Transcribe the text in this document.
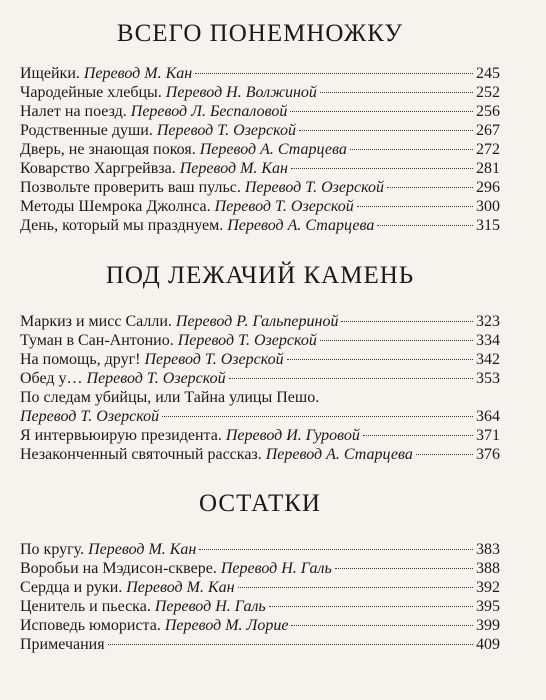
ВСЕГО ПОНЕМНОЖКУ
Ищейки.
Перевод М. Кан	245
Чародейные хлебцы.
Перевод Н. Волжиной	252
Налет на поезд.
Перевод Л. Беспаловой	256
Родственные души.
Перевод Т. Озерской	267
Дверь, не знающая покоя.
Перевод А. Старцева	272
Коварство Харгрейвза.
Перевод М. Кан	281
Позвольте проверить ваш пульс.
Перевод Т. Озерской	296
Методы Шемрока Джолнса.
Перевод Т. Озерской	300
День, который мы празднуем.
Перевод А. Старцева	315
ПОД ЛЕЖАЧИЙ КАМЕНЬ
Маркиз и мисс Салли.
Перевод Р. Гальпериной	323
Туман в Сан-Антонио.
Перевод Т. Озерской	334
На помощь, друг!
Перевод Т. Озерской	342
Обед у…
Перевод Т. Озерской	353
По следам убийцы, или Тайна улицы Пешо.
Перевод Т. Озерской	364
Я интервьюирую президента.
Перевод И. Гуровой	371
Незаконченный святочный рассказ.
Перевод А. Старцева	376
ОСТАТКИ
По кругу.
Перевод М. Кан	383
Воробьи на Мэдисон-сквере.
Перевод Н. Галь	388
Сердца и руки.
Перевод М. Кан	392
Ценитель и пьеска.
Перевод Н. Галь	395
Исповедь юмориста.
Перевод М. Лорие	399
Примечания	409
